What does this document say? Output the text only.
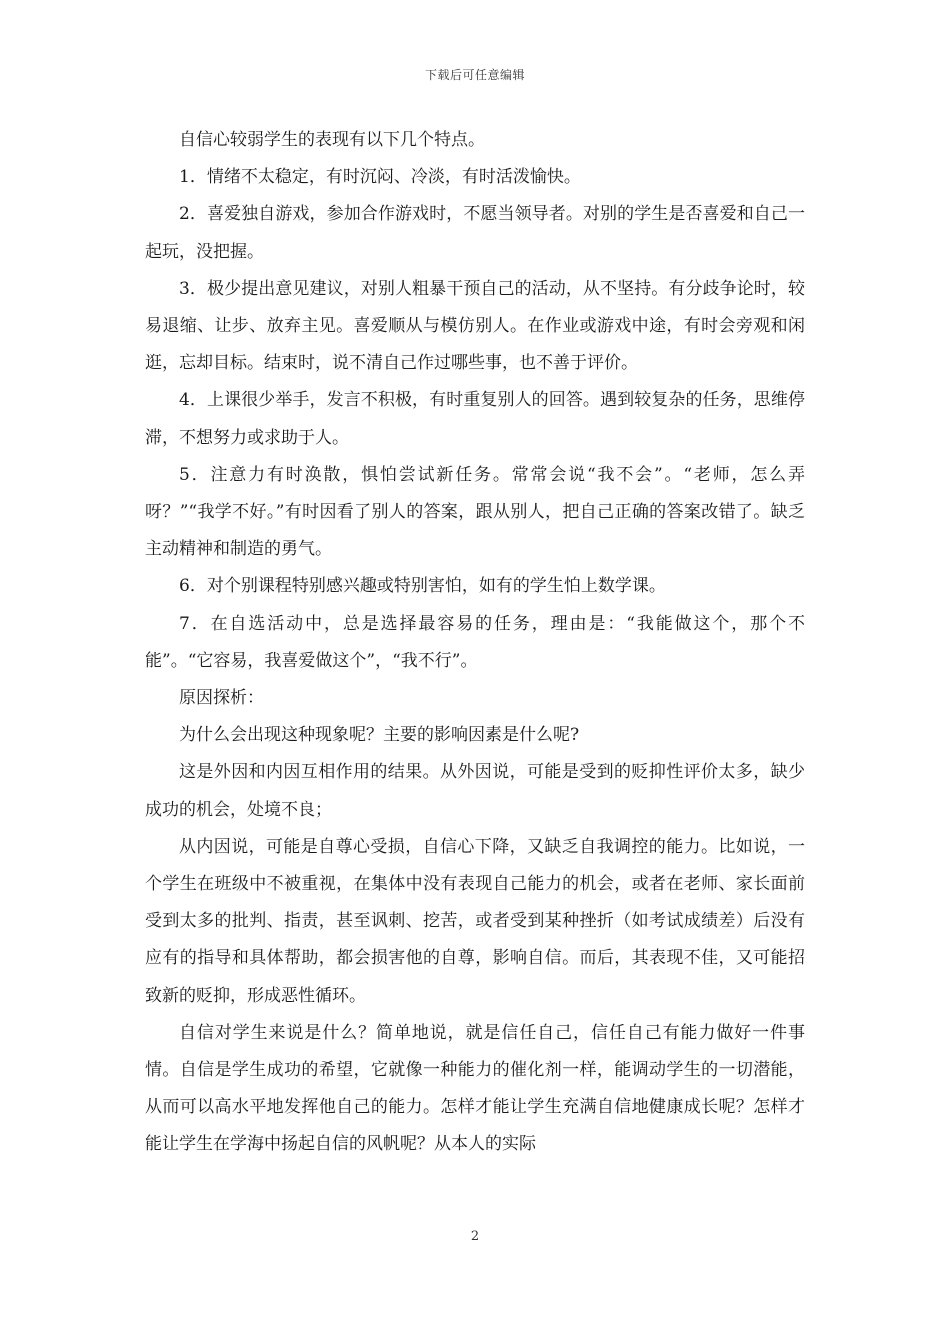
下载后可任意编辑

自信心较弱学生的表现有以下几个特点。

1．情绪不太稳定，有时沉闷、冷淡，有时活泼愉快。

2．喜爱独自游戏，参加合作游戏时，不愿当领导者。对别的学生是否喜爱和自己一起玩，没把握。

3．极少提出意见建议，对别人粗暴干预自己的活动，从不坚持。有分歧争论时，较易退缩、让步、放弃主见。喜爱顺从与模仿别人。在作业或游戏中途，有时会旁观和闲逛，忘却目标。结束时，说不清自己作过哪些事，也不善于评价。

4．上课很少举手，发言不积极，有时重复别人的回答。遇到较复杂的任务，思维停滞，不想努力或求助于人。

5．注意力有时涣散，惧怕尝试新任务。常常会说“我不会”。“老师，怎么弄呀？”“我学不好。”有时因看了别人的答案，跟从别人，把自己正确的答案改错了。缺乏主动精神和制造的勇气。

6．对个别课程特别感兴趣或特别害怕，如有的学生怕上数学课。

7．在自选活动中，总是选择最容易的任务，理由是：“我能做这个，那个不能”。“它容易，我喜爱做这个”，“我不行”。

原因探析：

为什么会出现这种现象呢？主要的影响因素是什么呢?

这是外因和内因互相作用的结果。从外因说，可能是受到的贬抑性评价太多，缺少成功的机会，处境不良；

从内因说，可能是自尊心受损，自信心下降，又缺乏自我调控的能力。比如说，一个学生在班级中不被重视，在集体中没有表现自己能力的机会，或者在老师、家长面前受到太多的批判、指责，甚至讽刺、挖苦，或者受到某种挫折（如考试成绩差）后没有应有的指导和具体帮助，都会损害他的自尊，影响自信。而后，其表现不佳，又可能招致新的贬抑，形成恶性循环。

自信对学生来说是什么？简单地说，就是信任自己，信任自己有能力做好一件事情。自信是学生成功的希望，它就像一种能力的催化剂一样，能调动学生的一切潜能，从而可以高水平地发挥他自己的能力。怎样才能让学生充满自信地健康成长呢？怎样才能让学生在学海中扬起自信的风帆呢？从本人的实际

2
